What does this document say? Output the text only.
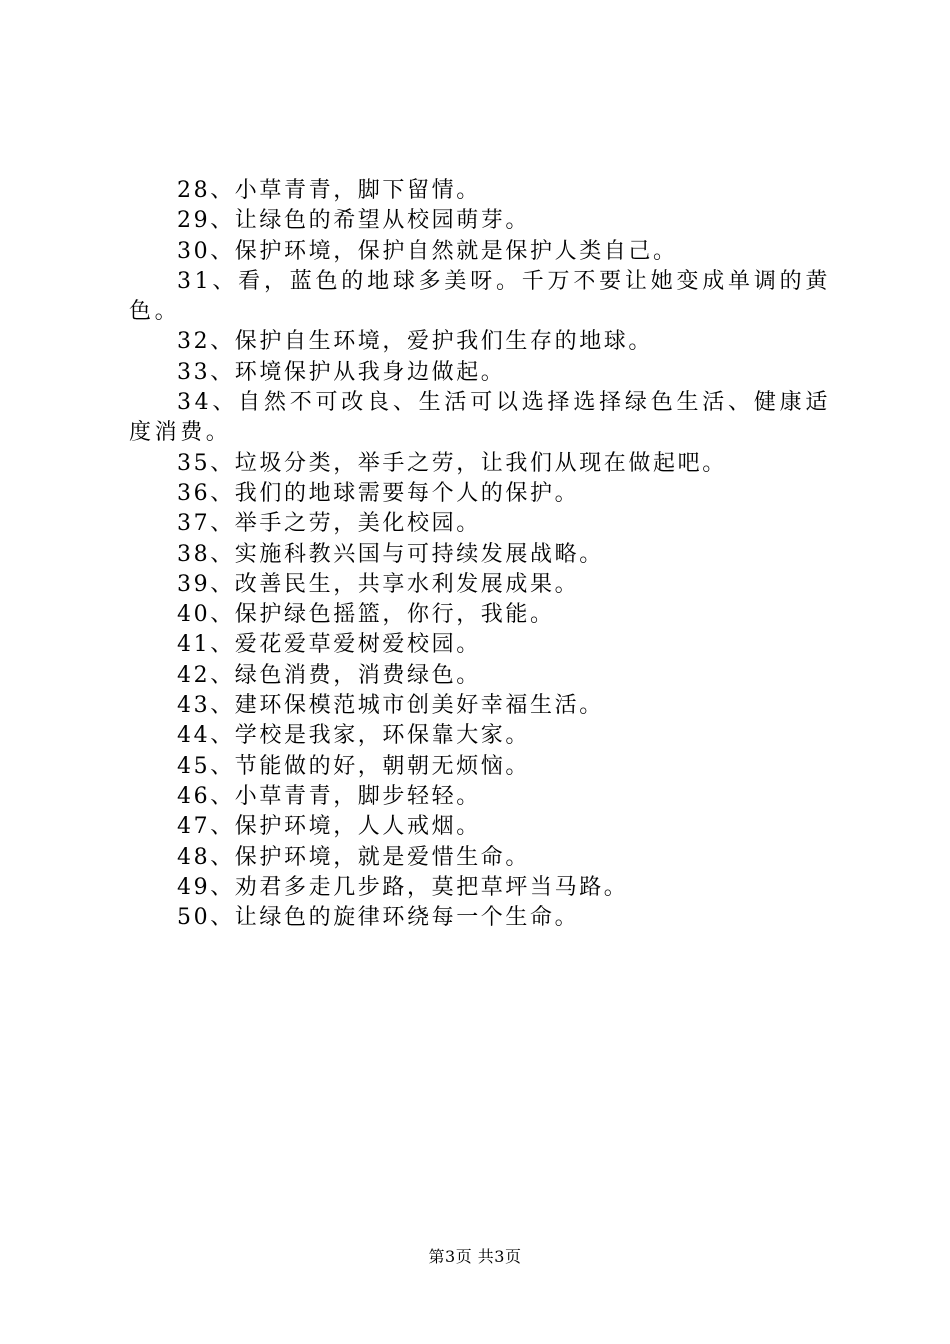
28、小草青青，脚下留情。
29、让绿色的希望从校园萌芽。
30、保护环境，保护自然就是保护人类自己。
31、看，蓝色的地球多美呀。千万不要让她变成单调的黄色。
32、保护自生环境，爱护我们生存的地球。
33、环境保护从我身边做起。
34、自然不可改良、生活可以选择选择绿色生活、健康适度消费。
35、垃圾分类，举手之劳，让我们从现在做起吧。
36、我们的地球需要每个人的保护。
37、举手之劳，美化校园。
38、实施科教兴国与可持续发展战略。
39、改善民生，共享水利发展成果。
40、保护绿色摇篮，你行，我能。
41、爱花爱草爱树爱校园。
42、绿色消费，消费绿色。
43、建环保模范城市创美好幸福生活。
44、学校是我家，环保靠大家。
45、节能做的好，朝朝无烦恼。
46、小草青青，脚步轻轻。
47、保护环境，人人戒烟。
48、保护环境，就是爱惜生命。
49、劝君多走几步路，莫把草坪当马路。
50、让绿色的旋律环绕每一个生命。
第3页 共3页
